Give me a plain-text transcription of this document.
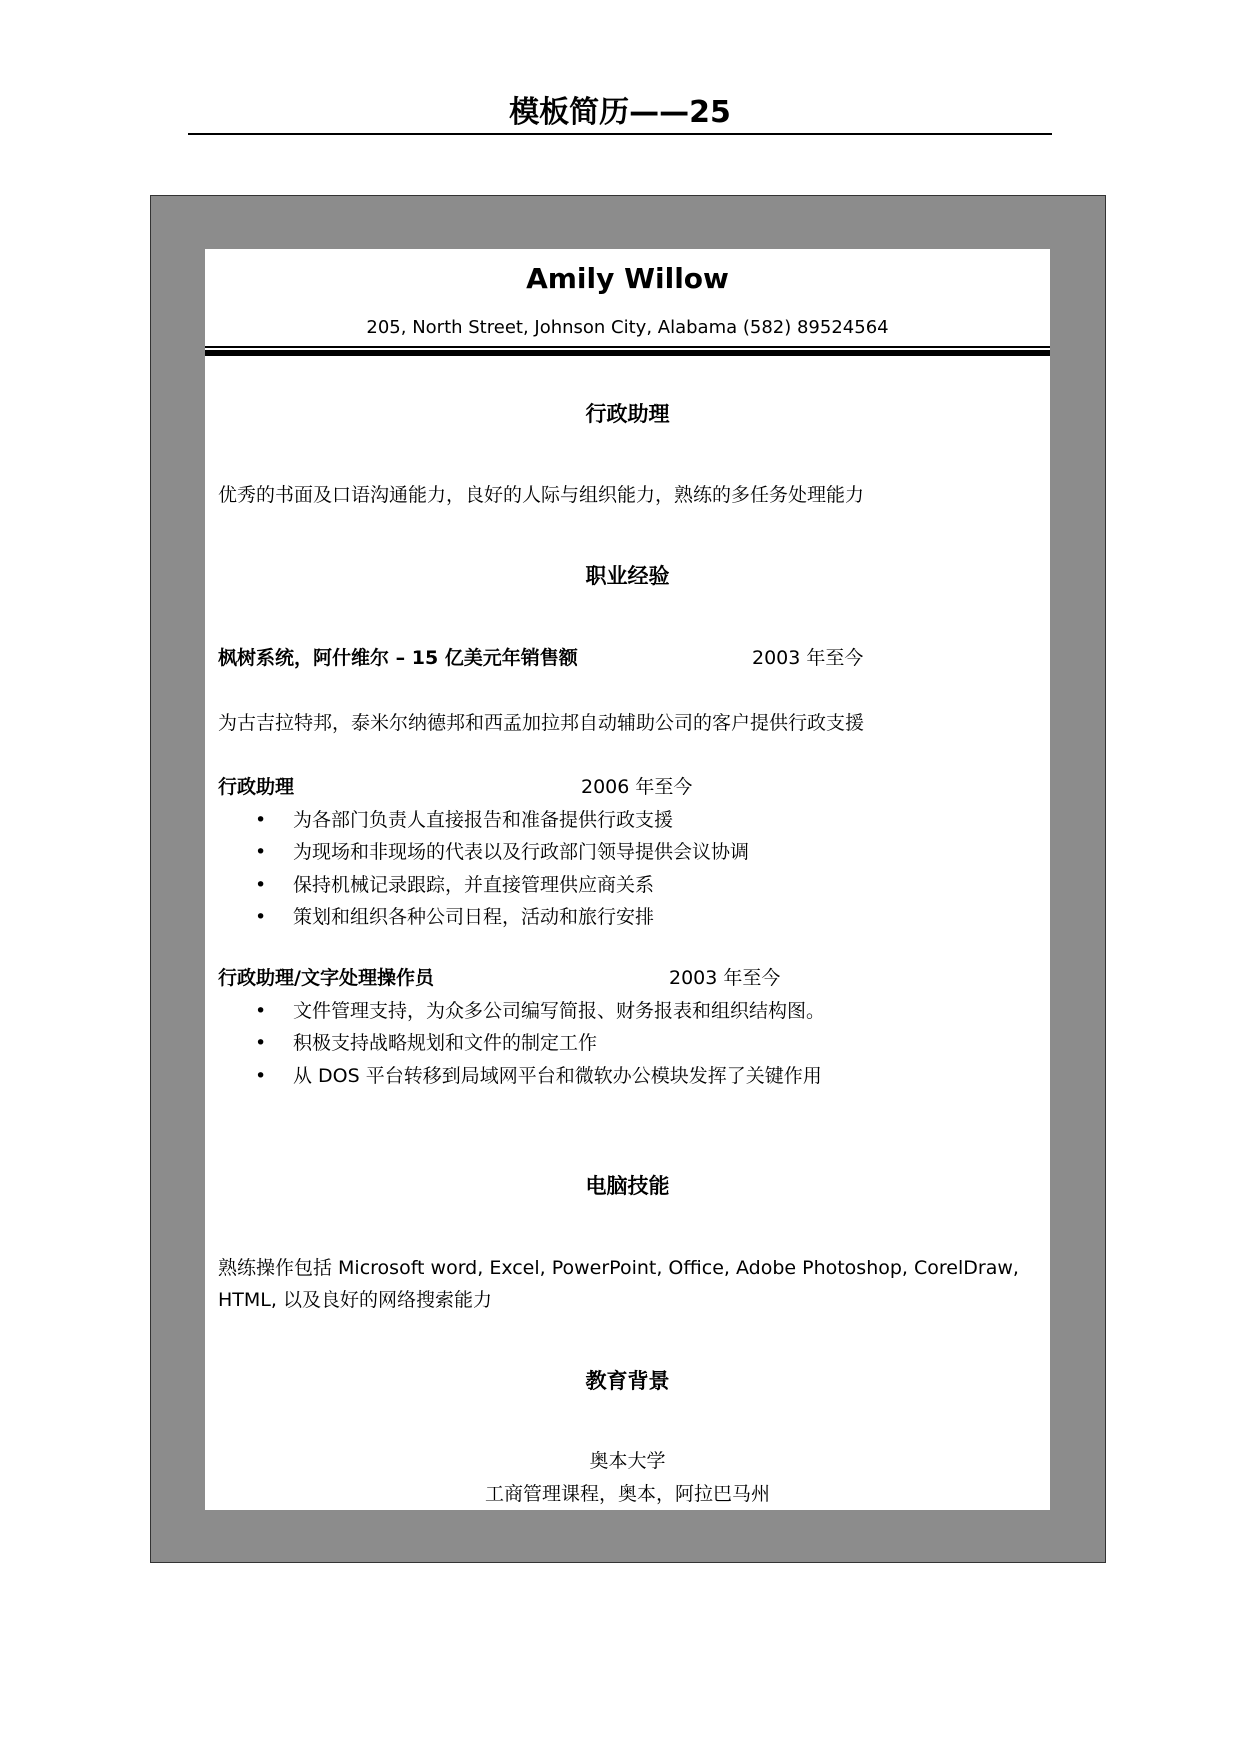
模板简历——25
Amily Willow
205, North Street, Johnson City, Alabama (582) 89524564
行政助理
优秀的书面及口语沟通能力，良好的人际与组织能力，熟练的多任务处理能力
职业经验
枫树系统，阿什维尔 – 15 亿美元年销售额	2003 年至今
为古吉拉特邦，泰米尔纳德邦和西孟加拉邦自动辅助公司的客户提供行政支援
行政助理	2006 年至今
• 为各部门负责人直接报告和准备提供行政支援
• 为现场和非现场的代表以及行政部门领导提供会议协调
• 保持机械记录跟踪，并直接管理供应商关系
• 策划和组织各种公司日程，活动和旅行安排
行政助理/文字处理操作员	2003 年至今
• 文件管理支持，为众多公司编写简报、财务报表和组织结构图。
• 积极支持战略规划和文件的制定工作
• 从 DOS 平台转移到局域网平台和微软办公模块发挥了关键作用
电脑技能
熟练操作包括 Microsoft word, Excel, PowerPoint, Office, Adobe Photoshop, CorelDraw,
HTML, 以及良好的网络搜索能力
教育背景
奥本大学
工商管理课程，奥本，阿拉巴马州
